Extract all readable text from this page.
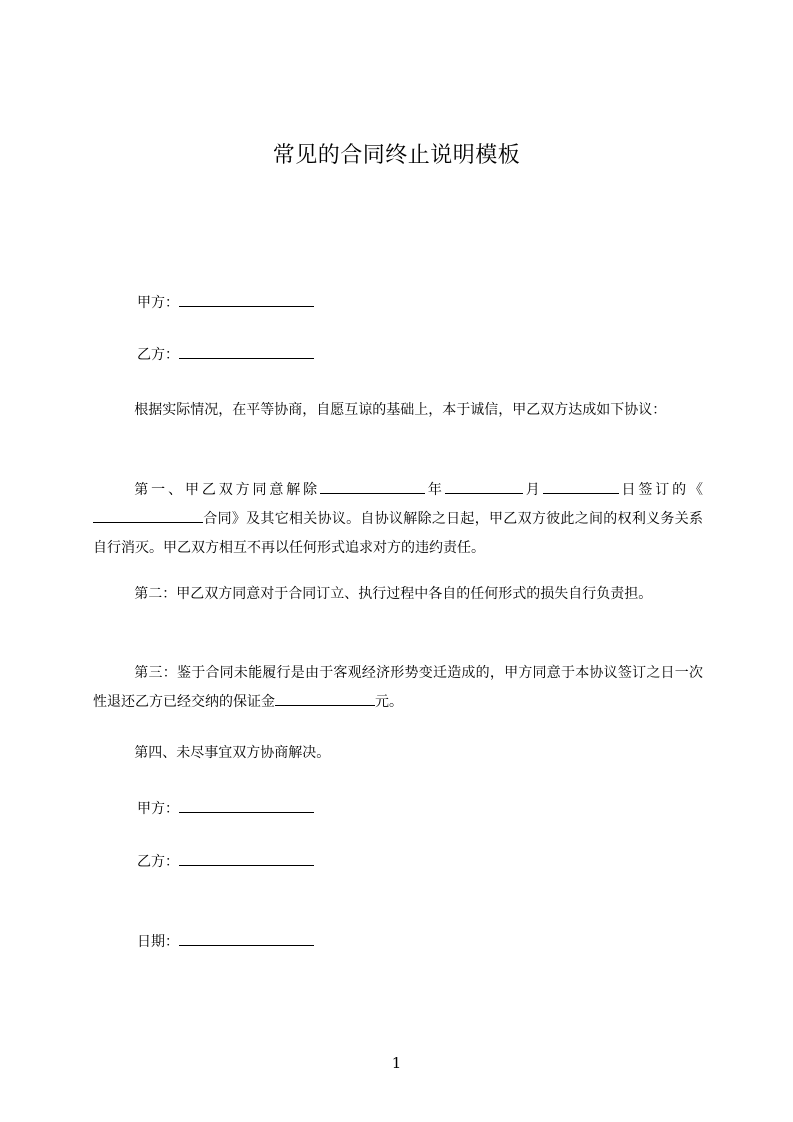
常见的合同终止说明模板
甲方：
乙方：
根据实际情况，在平等协商，自愿互谅的基础上，本于诚信，甲乙双方达成如下协议：
第一、甲乙双方同意解除	年	月	日签订的《合同》及其它相关协议。自协议解除之日起，甲乙双方彼此之间的权利义务关系自行消灭。甲乙双方相互不再以任何形式追求对方的违约责任。
第二：甲乙双方同意对于合同订立、执行过程中各自的任何形式的损失自行负责担。
第三：鉴于合同未能履行是由于客观经济形势变迁造成的，甲方同意于本协议签订之日一次性退还乙方已经交纳的保证金	元。
第四、未尽事宜双方协商解决。
甲方：
乙方：
日期：
1
